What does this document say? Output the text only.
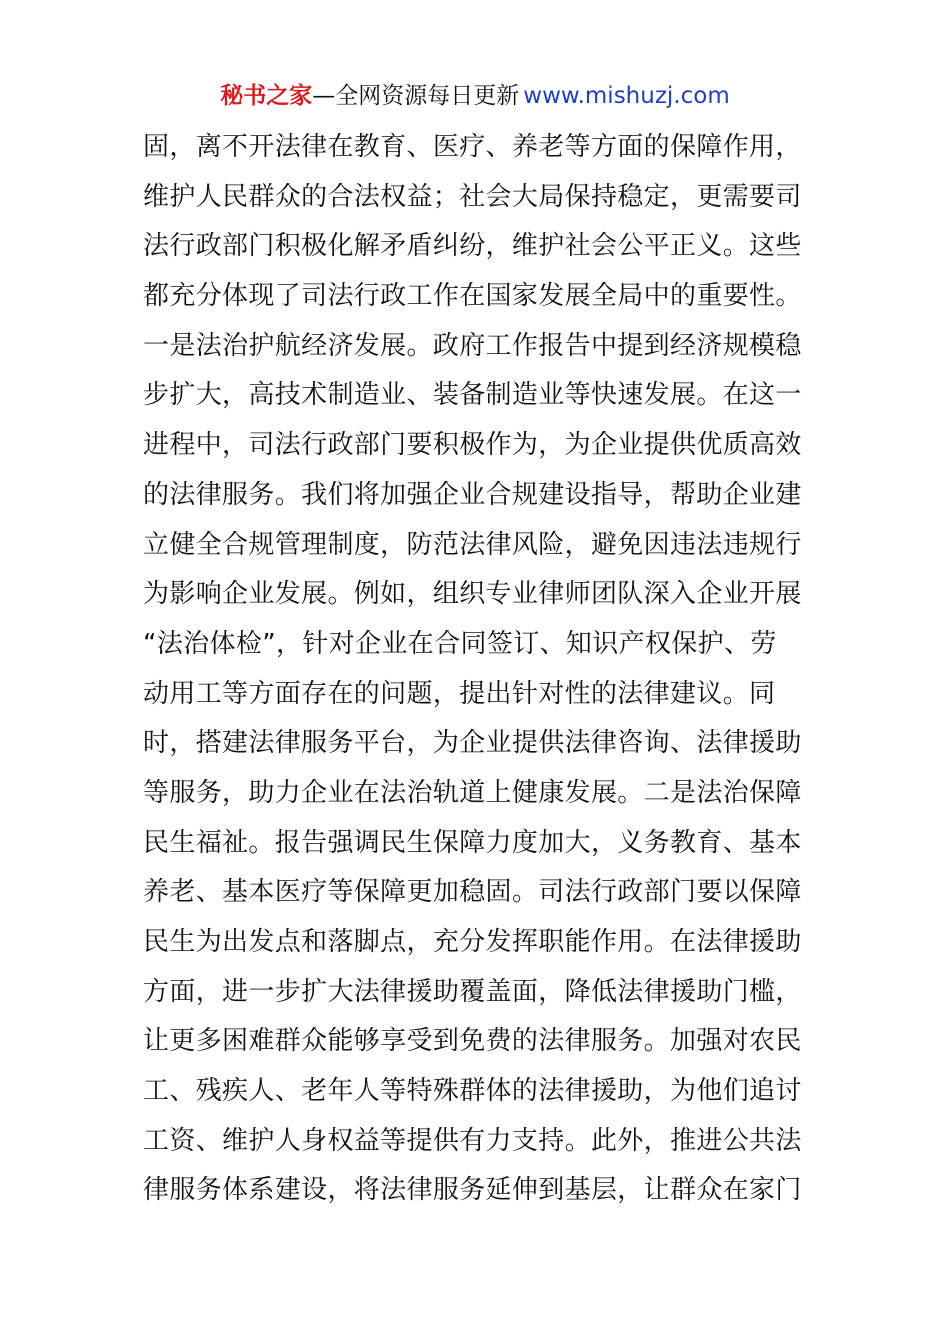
秘书之家—全网资源每日更新 www.mishuzj.com
固，离不开法律在教育、医疗、养老等方面的保障作用，
维护人民群众的合法权益；社会大局保持稳定，更需要司
法行政部门积极化解矛盾纠纷，维护社会公平正义。这些
都充分体现了司法行政工作在国家发展全局中的重要性。
一是法治护航经济发展。政府工作报告中提到经济规模稳
步扩大，高技术制造业、装备制造业等快速发展。在这一
进程中，司法行政部门要积极作为，为企业提供优质高效
的法律服务。我们将加强企业合规建设指导，帮助企业建
立健全合规管理制度，防范法律风险，避免因违法违规行
为影响企业发展。例如，组织专业律师团队深入企业开展
“法治体检”，针对企业在合同签订、知识产权保护、劳
动用工等方面存在的问题，提出针对性的法律建议。同
时，搭建法律服务平台，为企业提供法律咨询、法律援助
等服务，助力企业在法治轨道上健康发展。二是法治保障
民生福祉。报告强调民生保障力度加大，义务教育、基本
养老、基本医疗等保障更加稳固。司法行政部门要以保障
民生为出发点和落脚点，充分发挥职能作用。在法律援助
方面，进一步扩大法律援助覆盖面，降低法律援助门槛，
让更多困难群众能够享受到免费的法律服务。加强对农民
工、残疾人、老年人等特殊群体的法律援助，为他们追讨
工资、维护人身权益等提供有力支持。此外，推进公共法
律服务体系建设，将法律服务延伸到基层，让群众在家门
